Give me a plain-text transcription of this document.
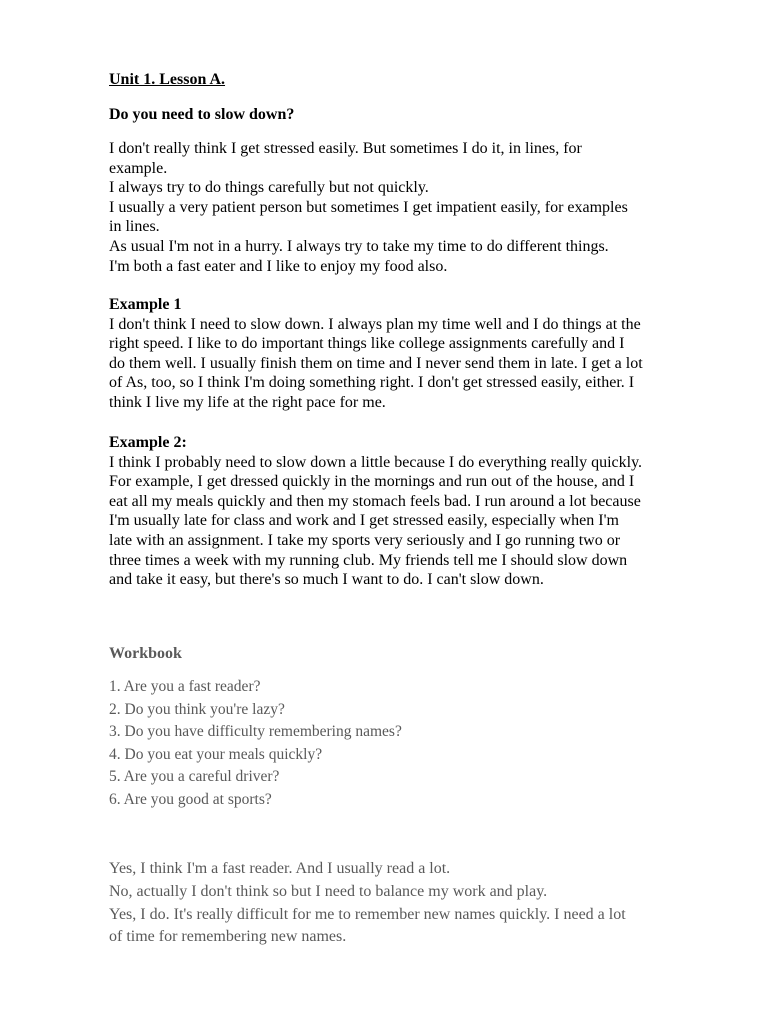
Unit 1. Lesson A.
Do you need to slow down?

I don't really think I get stressed easily. But sometimes I do it, in lines, for

example.

I always try to do things carefully but not quickly.

I usually a very patient person but sometimes I get impatient easily, for examples

in lines.

As usual I'm not in a hurry. I always try to take my time to do different things.

I'm both a fast eater and I like to enjoy my food also.

Example 1

I don't think I need to slow down. I always plan my time well and I do things at the

right speed. I like to do important things like college assignments carefully and I

do them well. I usually finish them on time and I never send them in late. I get a lot

of As, too, so I think I'm doing something right. I don't get stressed easily, either. I

think I live my life at the right pace for me.

Example 2:

I think I probably need to slow down a little because I do everything really quickly.

For example, I get dressed quickly in the mornings and run out of the house, and I

eat all my meals quickly and then my stomach feels bad. I run around a lot because

I'm usually late for class and work and I get stressed easily, especially when I'm

late with an assignment. I take my sports very seriously and I go running two or

three times a week with my running club. My friends tell me I should slow down

and take it easy, but there's so much I want to do. I can't slow down.

Workbook

1. Are you a fast reader?

2. Do you think you're lazy?

3. Do you have difficulty remembering names?

4. Do you eat your meals quickly?

5. Are you a careful driver?

6. Are you good at sports?

Yes, I think I'm a fast reader. And I usually read a lot.

No, actually I don't think so but I need to balance my work and play.

Yes, I do. It's really difficult for me to remember new names quickly. I need a lot

of time for remembering new names.
